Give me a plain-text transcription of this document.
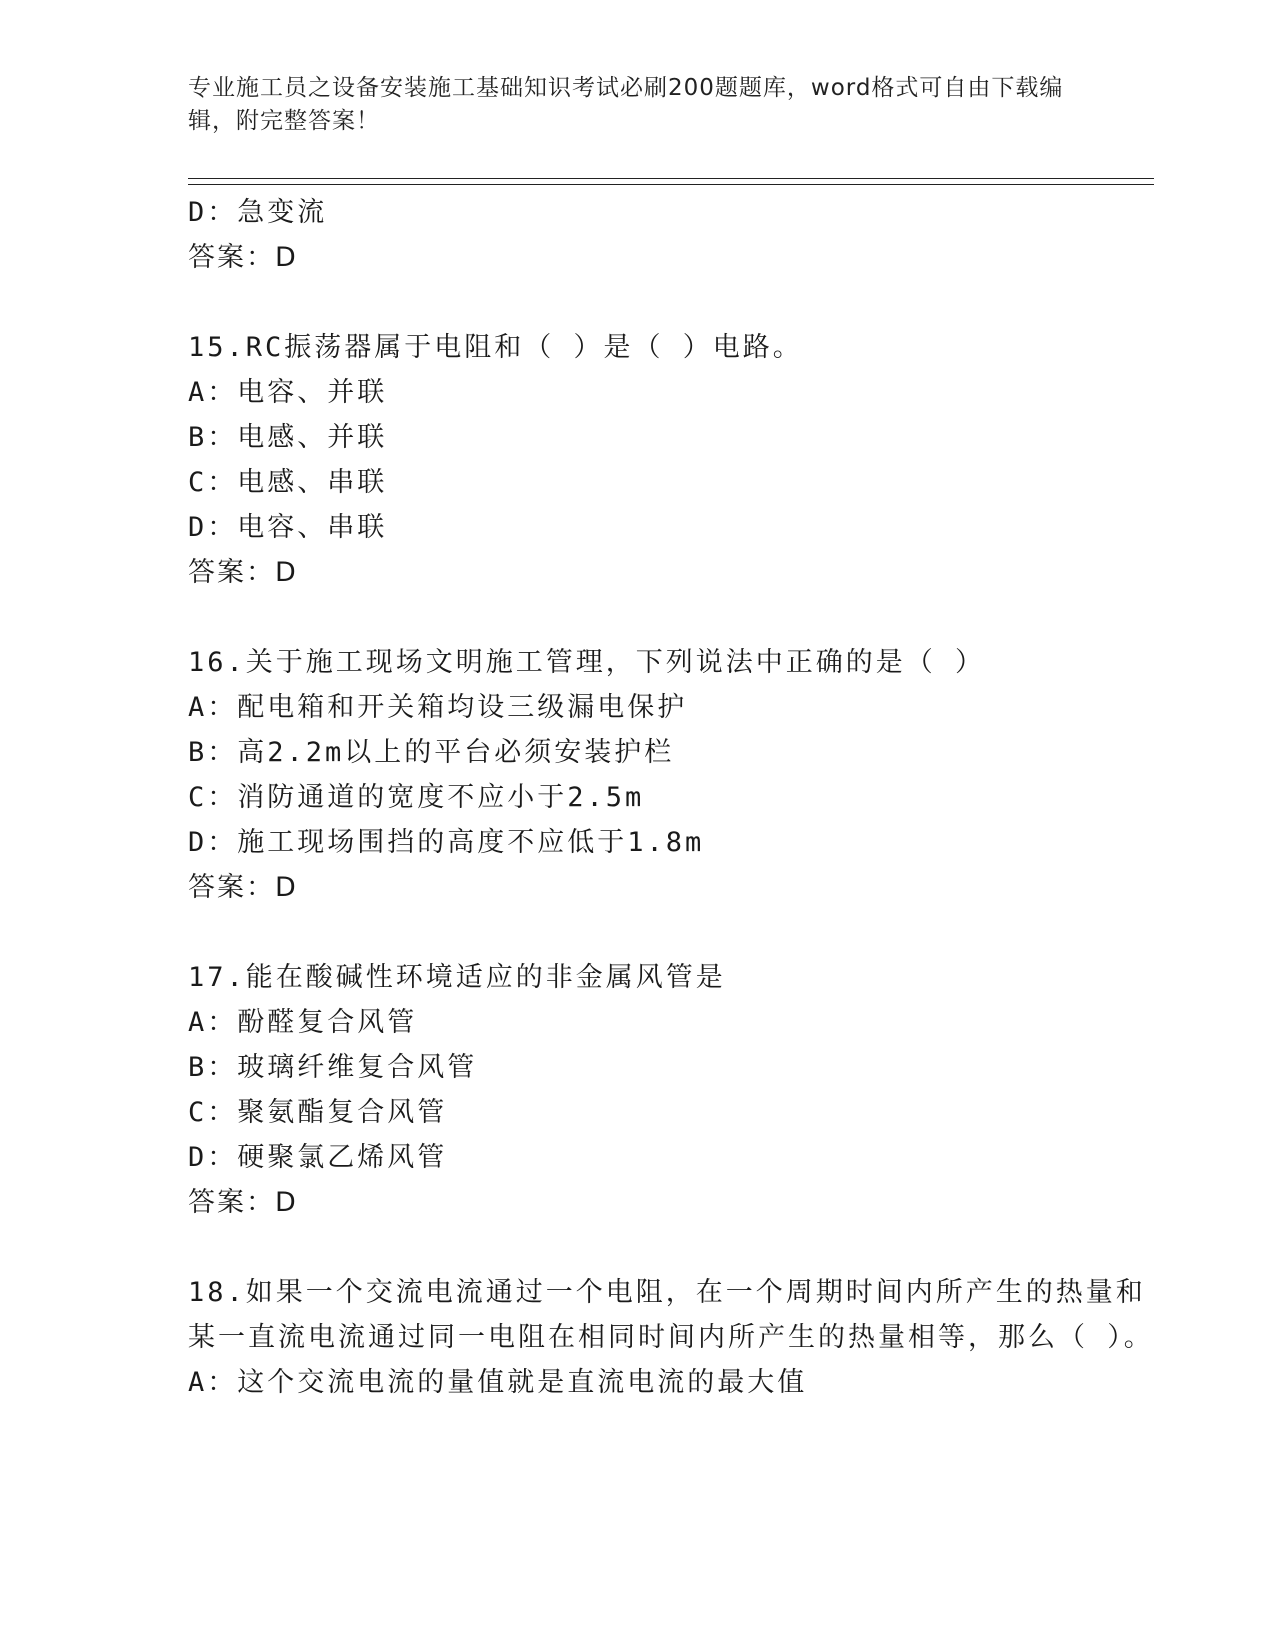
专业施工员之设备安装施工基础知识考试必刷200题题库，word格式可自由下载编辑，附完整答案！
D：急变流
答案：D
15.RC振荡器属于电阻和（ ）是（ ）电路。
A：电容、并联
B：电感、并联
C：电感、串联
D：电容、串联
答案：D
16.关于施工现场文明施工管理，下列说法中正确的是（ ）
A：配电箱和开关箱均设三级漏电保护
B：高2.2m以上的平台必须安装护栏
C：消防通道的宽度不应小于2.5m
D：施工现场围挡的高度不应低于1.8m
答案：D
17.能在酸碱性环境适应的非金属风管是
A：酚醛复合风管
B：玻璃纤维复合风管
C：聚氨酯复合风管
D：硬聚氯乙烯风管
答案：D
18.如果一个交流电流通过一个电阻，在一个周期时间内所产生的热量和某一直流电流通过同一电阻在相同时间内所产生的热量相等，那么（ ）。
A：这个交流电流的量值就是直流电流的最大值
